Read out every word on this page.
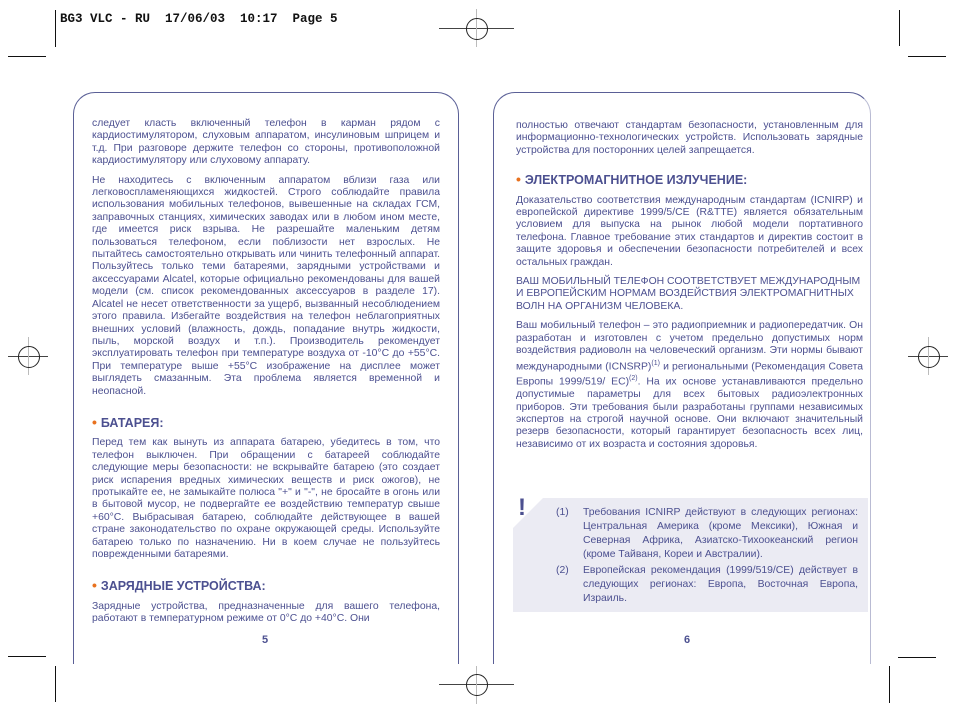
BG3 VLC - RU  17/06/03  10:17  Page 5

следует класть включенный телефон в карман рядом с кардиостимулятором, слуховым аппаратом, инсулиновым шприцем и т.д. При разговоре держите телефон со стороны, противоположной кардиостимулятору или слуховому аппарату.

Не находитесь с включенным аппаратом вблизи газа или легковоспламеняющихся жидкостей. Строго соблюдайте правила использования мобильных телефонов, вывешенные на складах ГСМ, заправочных станциях, химических заводах или в любом ином месте, где имеется риск взрыва. Не разрешайте маленьким детям пользоваться телефоном, если поблизости нет взрослых. Не пытайтесь самостоятельно открывать или чинить телефонный аппарат. Пользуйтесь только теми батареями, зарядными устройствами и аксессуарами Alcatel, которые официально рекомендованы для вашей модели (см. список рекомендованных аксессуаров в разделе 17). Alcatel не несет ответственности за ущерб, вызванный несоблюдением этого правила. Избегайте воздействия на телефон неблагоприятных внешних условий (влажность, дождь, попадание внутрь жидкости, пыль, морской воздух и т.п.). Производитель рекомендует эксплуатировать телефон при температуре воздуха от -10°C до +55°C. При температуре выше +55°C изображение на дисплее может выглядеть смазанным. Эта проблема является временной и неопасной.

• БАТАРЕЯ:

Перед тем как вынуть из аппарата батарею, убедитесь в том, что телефон выключен. При обращении с батареей соблюдайте следующие меры безопасности: не вскрывайте батарею (это создает риск испарения вредных химических веществ и риск ожогов), не протыкайте ее, не замыкайте полюса "+" и "-", не бросайте в огонь или в бытовой мусор, не подвергайте ее воздействию температур свыше +60°C. Выбрасывая батарею, соблюдайте действующее в вашей стране законодательство по охране окружающей среды. Используйте батарею только по назначению. Ни в коем случае не пользуйтесь поврежденными батареями.

• ЗАРЯДНЫЕ УСТРОЙСТВА:

Зарядные устройства, предназначенные для вашего телефона, работают в температурном режиме от 0°C до +40°C. Они

5

полностью отвечают стандартам безопасности, установленным для информационно-технологических устройств. Использовать зарядные устройства для посторонних целей запрещается.

• ЭЛЕКТРОМАГНИТНОЕ ИЗЛУЧЕНИЕ:

Доказательство соответствия международным стандартам (ICNIRP) и европейской директиве 1999/5/CE (R&TTE) является обязательным условием для выпуска на рынок любой модели портативного телефона. Главное требование этих стандартов и директив состоит в защите здоровья и обеспечении безопасности потребителей и всех остальных граждан.

ВАШ МОБИЛЬНЫЙ ТЕЛЕФОН СООТВЕТСТВУЕТ МЕЖДУНАРОДНЫМ И ЕВРОПЕЙСКИМ НОРМАМ ВОЗДЕЙСТВИЯ ЭЛЕКТРОМАГНИТНЫХ ВОЛН НА ОРГАНИЗМ ЧЕЛОВЕКА.

Ваш мобильный телефон – это радиоприемник и радиопередатчик. Он разработан и изготовлен с учетом предельно допустимых норм воздействия радиоволн на человеческий организм. Эти нормы бывают международными (ICNSRP)$^{(1)}$ и региональными (Рекомендация Совета Европы 1999/519/ EC)$^{(2)}$. На их основе устанавливаются предельно допустимые параметры для всех бытовых радиоэлектронных приборов. Эти требования были разработаны группами независимых экспертов на строгой научной основе. Они включают значительный резерв безопасности, который гарантирует безопасность всех лиц, независимо от их возраста и состояния здоровья.

!	(1) Требования ICNIRP действуют в следующих регионах: Центральная Америка (кроме Мексики), Южная и Северная Африка, Азиатско-Тихоокеанский регион (кроме Тайваня, Кореи и Австралии).
(2) Европейская рекомендация (1999/519/CE) действует в следующих регионах: Европа, Восточная Европа, Израиль.
6
